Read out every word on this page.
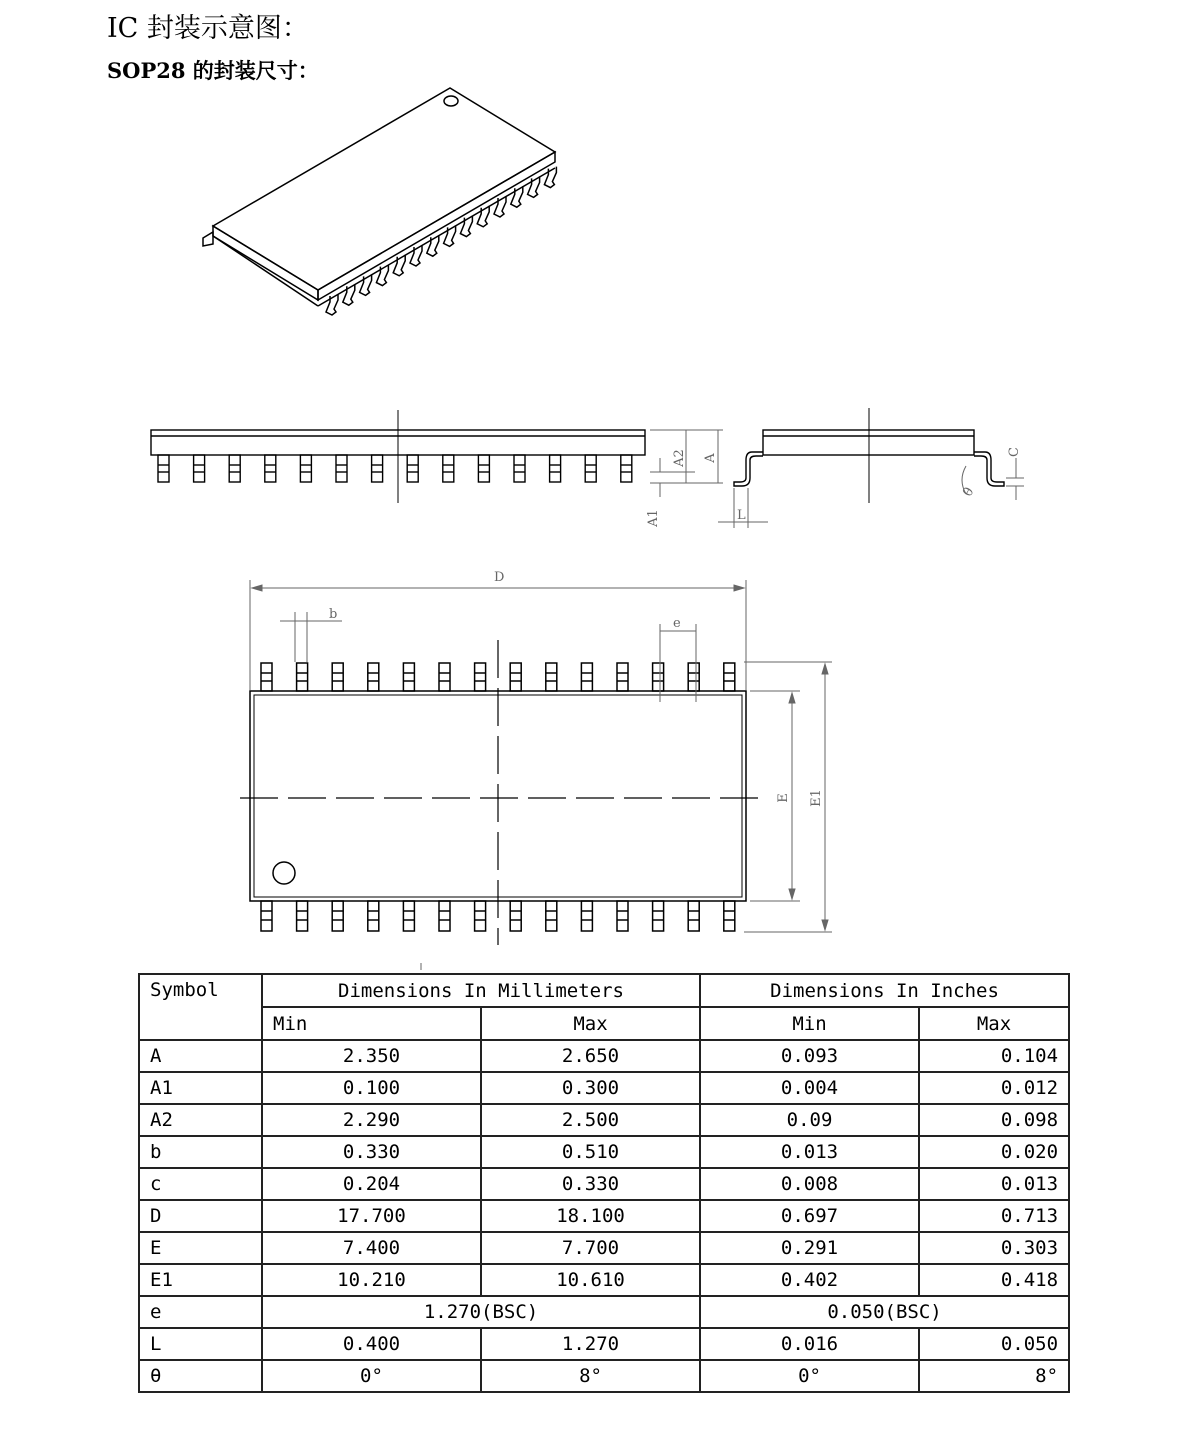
IC 封装示意图：
SOP28 的封装尺寸：
A2 A
A1	L
C
θ
D
b
e
E E1
Symbol	Dimensions In Millimeters		Dimensions In Inches	
	Min	Max	Min	Max
A	2.350	2.650	0.093	0.104
A1	0.100	0.300	0.004	0.012
A2	2.290	2.500	0.09	0.098
b	0.330	0.510	0.013	0.020
c	0.204	0.330	0.008	0.013
D	17.700	18.100	0.697	0.713
E	7.400	7.700	0.291	0.303
E1	10.210	10.610	0.402	0.418
e	1.270(BSC)		0.050(BSC)	
L	0.400	1.270	0.016	0.050
θ	0°	8°	0°	8°
